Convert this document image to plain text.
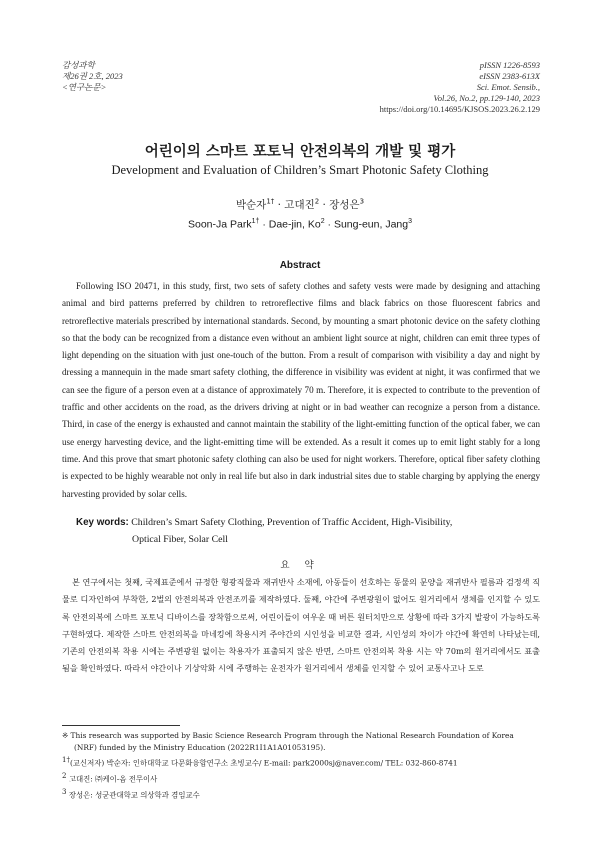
감성과학
제26권 2호, 2023
<연구논문>
pISSN 1226-8593
eISSN 2383-613X
Sci. Emot. Sensib.,
Vol.26, No.2, pp.129-140, 2023
https://doi.org/10.14695/KJSOS.2023.26.2.129
어린이의 스마트 포토닉 안전의복의 개발 및 평가
Development and Evaluation of Children’s Smart Photonic Safety Clothing
박순자$^{1\dagger}$ · 고대진$^2$ · 장성은$^3$
Soon-Ja Park$^{1\dagger}$ · Dae-jin, $Ko^2$ · Sung-eun, Jang$^3$
Abstract

Following ISO 20471, in this study, first, two sets of safety clothes and safety vests were made by designing and attaching animal and bird patterns preferred by children to retroreflective films and black fabrics on those fluorescent fabrics and retroreflective materials prescribed by international standards. Second, by mounting a smart photonic device on the safety clothing so that the body can be recognized from a distance even without an ambient light source at night, children can emit three types of light depending on the situation with just one-touch of the button. From a result of comparison with visibility a day and night by dressing a mannequin in the made smart safety clothing, the difference in visibility was evident at night, it was confirmed that we can see the figure of a person even at a distance of approximately 70 m. Therefore, it is expected to contribute to the prevention of traffic and other accidents on the road, as the drivers driving at night or in bad weather can recognize a person from a distance. Third, in case of the energy is exhausted and cannot maintain the stability of the light-emitting function of the optical faber, we can use energy harvesting device, and the light-emitting time will be extended. As a result it comes up to emit light stably for a long time. And this prove that smart photonic safety clothing can also be used for night workers. Therefore, optical fiber safety clothing is expected to be highly wearable not only in real life but also in dark industrial sites due to stable charging by applying the energy harvesting provided by solar cells.

Key words: Children’s Smart Safety Clothing, Prevention of Traffic Accident, High-Visibility,
Optical Fiber, Solar Cell
요 약

본 연구에서는 첫째, 국제표준에서 규정한 형광직물과 재귀반사 소재에, 아동들이 선호하는 동물의 문양을 재귀반사 필름과 검정색 직물로 디자인하여 부착한, 2벌의 안전의복과 안전조끼를 제작하였다. 둘째, 야간에 주변광원이 없어도 원거리에서 생체를 인지할 수 있도록 안전의복에 스마트 포토닉 디바이스를 장착함으로써, 어린이들이 여우운 때 버튼 원터치만으로 상황에 따라 3가지 발광이 가능하도록 구현하였다. 제작한 스마트 안전의복을 마네킹에 착용시켜 주야간의 시인성을 비교한 결과, 시인성의 차이가 야간에 확연히 나타났는데, 기존의 안전의복 착용 시에는 주변광원 없이는 착용자가 표출되지 않은 반면, 스마트 안전의복 착용 시는 약 70m의 원거리에서도 표출됨을 확인하였다. 따라서 야간이나 기상악화 시에 주행하는 운전자가 원거리에서 생체를 인지할 수 있어 교통사고나 도로

※ This research was supported by Basic Science Research Program through the National Research Foundation of Korea

(NRF) funded by the Ministry Education (2022R1I1A1A01053195).

$^{1\dagger}$(교신저자) 박순자: 인하대학교 다문화융합연구소 초빙교수/ E-mail: park2000sj@naver.com/ TEL: 032-860-8741

$^2$ 고대진: ㈜케이-옵 전무이사

$^3$ 장성은: 성균관대학교 의상학과 겸임교수
